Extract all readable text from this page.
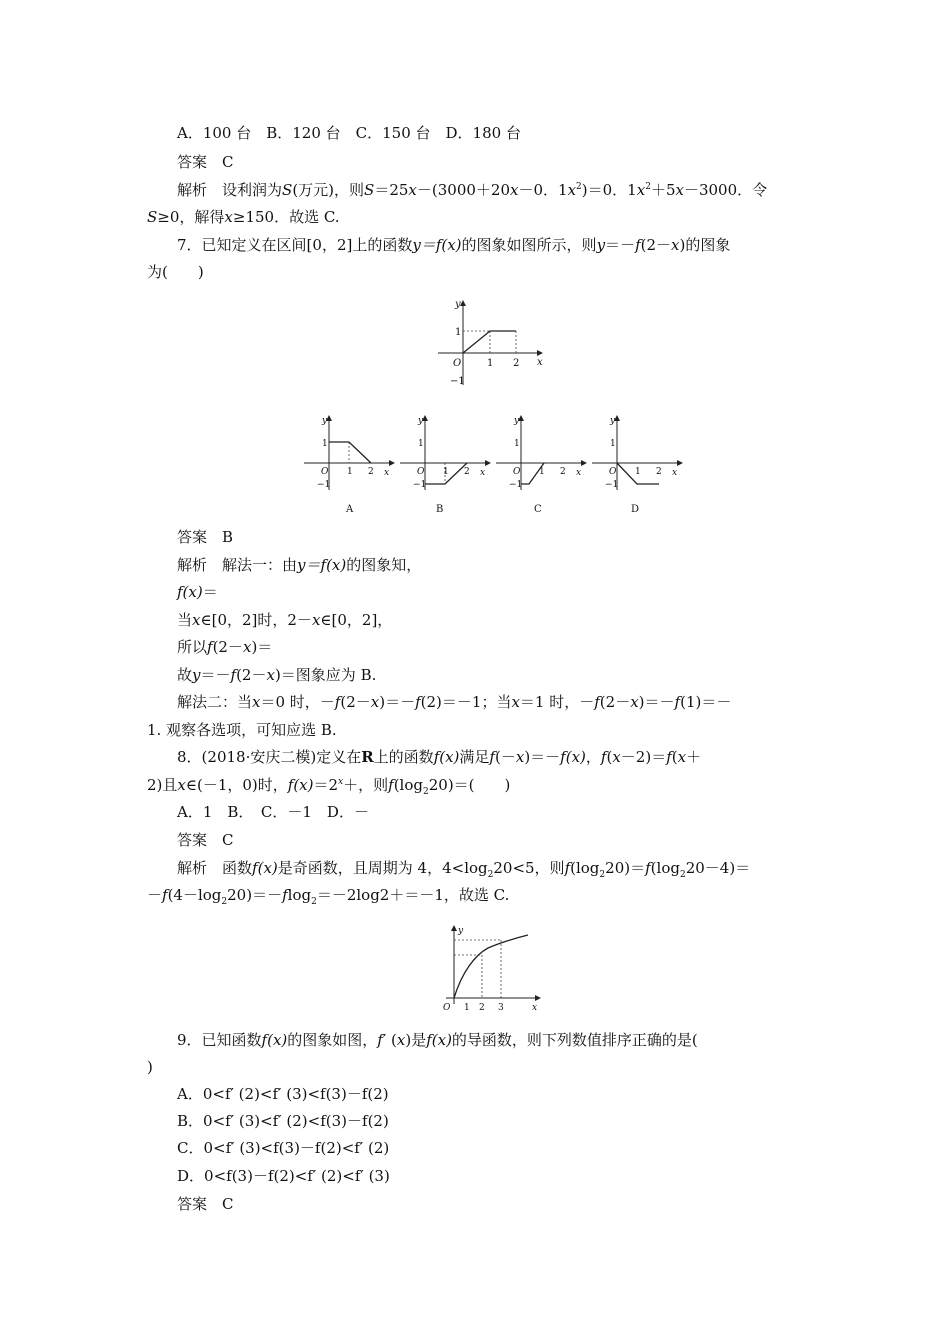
A．100 台　B．120 台　C．150 台　D．180 台
答案　 C
解析　 设利润为S(万元)，则S＝25x－(3000＋20x－0．$1x^2)=0$．$1x^2+5x-3000$．令
S≥0，解得x≥150．故选 C.
7．已知定义在区间[0，2]上的函数y＝f(x)的图象如图所示，则y＝－f(2－x)的图象
为(　　)
y
x
O
1
1 2
−1
y
x
O
1
1 2
−1
A
y
x
O
1
1 2
−1
B
y
x
O
1
1 2
−1
C
y
x
O
1
1 2
−1
D
答案　 B
解析　 解法一：由y＝f(x)的图象知，
f(x)＝
当x∈[0，2]时，2－x∈[0，2]，
所以f(2－x)＝
故y＝－f(2－x)＝图象应为 B.
解法二：当x＝0 时，－f(2－x)＝－f(2)＝－1；当x＝1 时，－f(2－x)＝－f(1)＝－
1. 观察各选项，可知应选 B.
8．(2018·安庆二模)定义在R上的函数f(x)满足f(－x)＝－f(x)，f(x－2)＝f(x＋
2)且x∈(－1，0)时，$f(x)=2^x+$，则$f(\log_220)=$(　　)
A．1　B．　C．－1　D．－
答案　 C
解析　 函数f(x)是奇函数，且周期为 4，$4<\log_220<5$，则$f(\log_220)=f(\log_220-4)=$
$-f(4-\log_220)=-flog_2=-2\log 2+=-1$，故选 C.
y
x
O 1 2 3
9．已知函数f(x)的图象如图，f′ (x)是f(x)的导函数，则下列数值排序正确的是(
)
A．0<f′ (2)<f′ (3)<f(3)－f(2)
B．0<f′ (3)<f′ (2)<f(3)－f(2)
C．0<f′ (3)<f(3)－f(2)<f′ (2)
D．0<f(3)－f(2)<f′ (2)<f′ (3)
答案　 C
